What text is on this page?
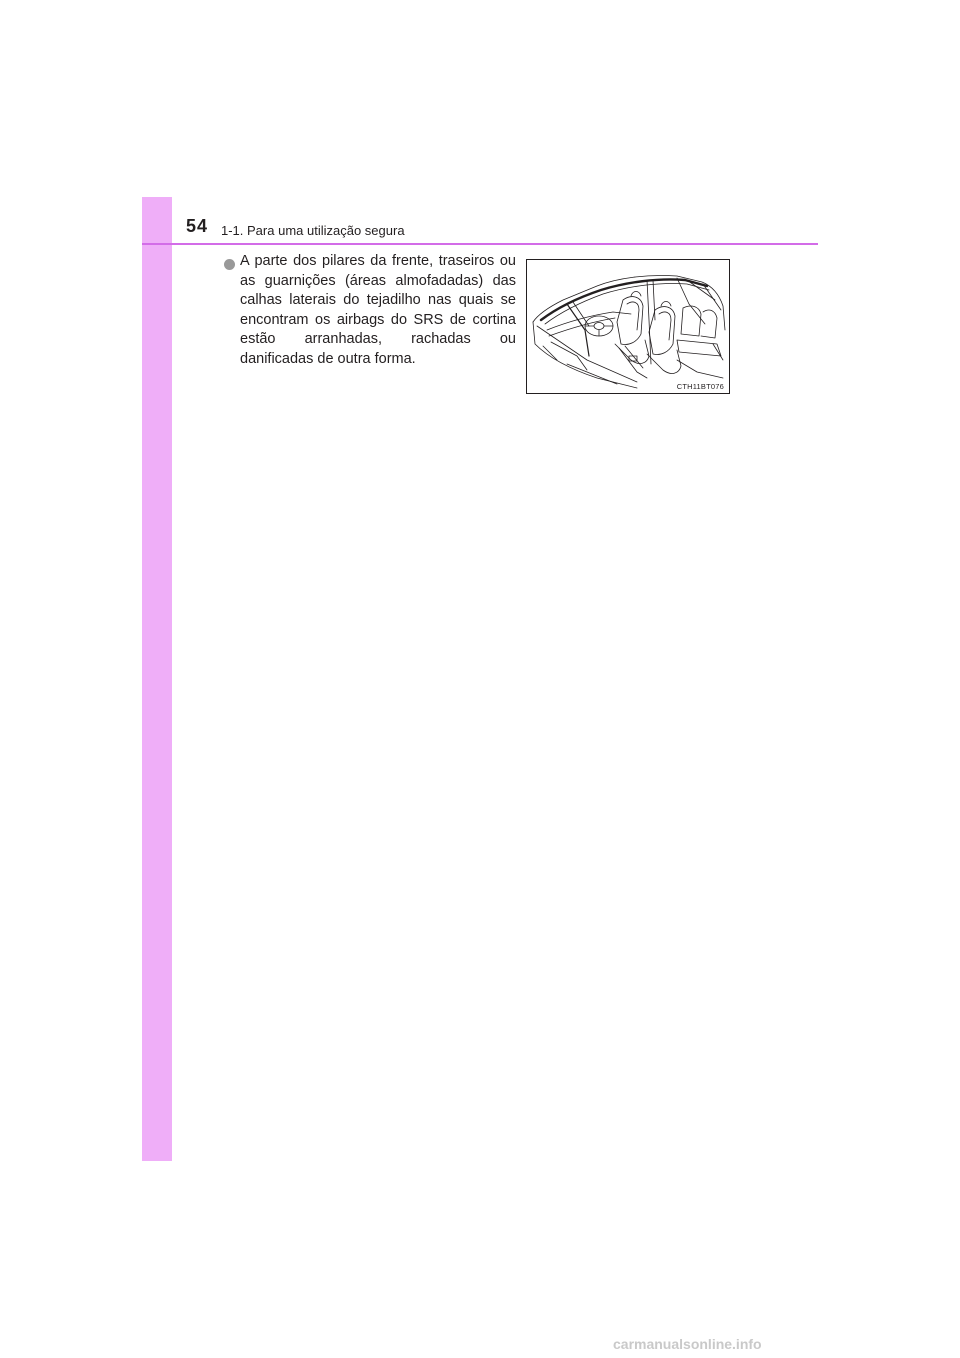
54 1-1. Para uma utilização segura
A parte dos pilares da frente, traseiros ou as guarnições (áreas almofadadas) das calhas laterais do tejadilho nas quais se encontram os airbags do SRS de cortina estão arranhadas, rachadas ou danificadas de outra forma.
CTH11BT076
carmanualsonline.info
